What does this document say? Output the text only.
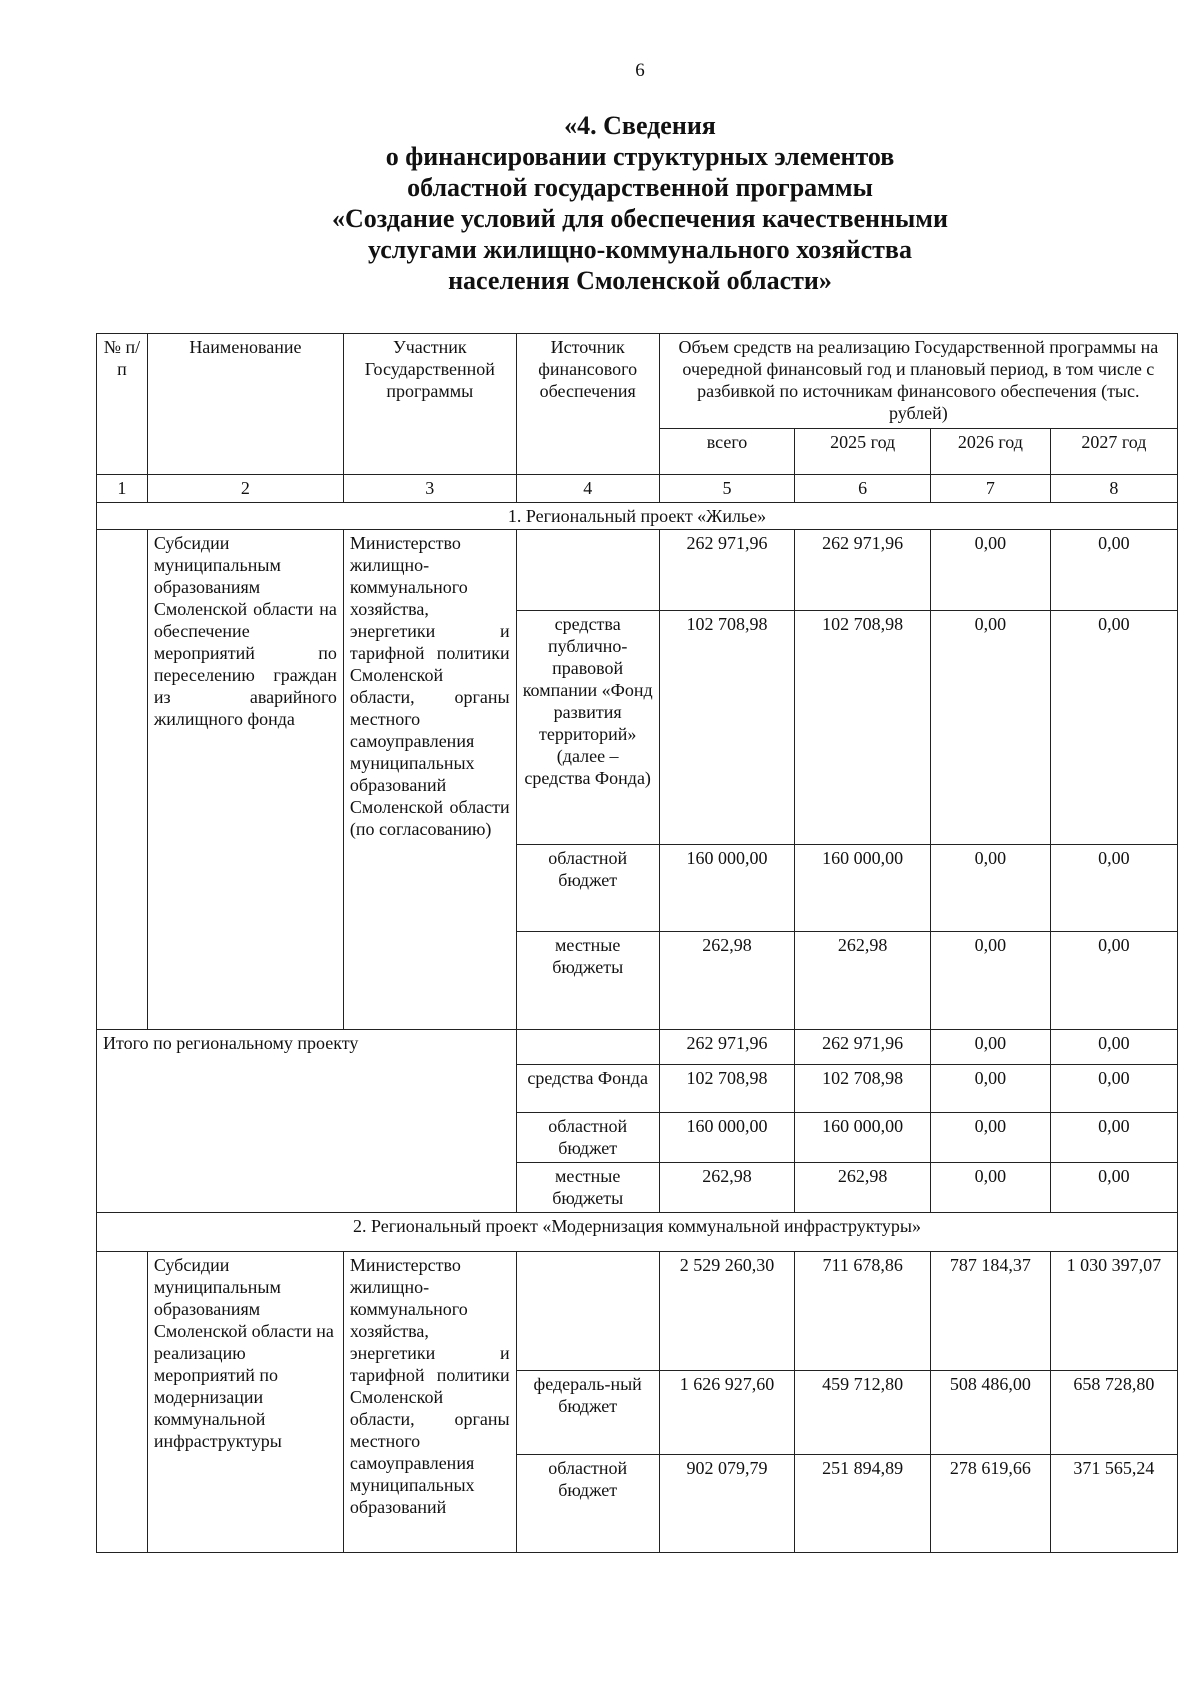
6
«4. Сведения
о финансировании структурных элементов
областной государственной программы
«Создание условий для обеспечения качественными
услугами жилищно-коммунального хозяйства
населения Смоленской области»
№ п/п	Наименование	Участник Государственной программы	Источник финансового обеспечения	Объем средств на реализацию Государственной программы на очередной финансовый год и плановый период, в том числе с разбивкой по источникам финансового обеспечения (тыс. рублей)			
				всего	2025 год	2026 год	2027 год
1	2	3	4	5	6	7	8
1. Региональный проект «Жилье»							
	Субсидии муниципальным образованиям Смоленской области на обеспечение мероприятий по переселению граждан из аварийного жилищного фонда	Министерство жилищно-коммунального хозяйства, энергетики и тарифной политики Смоленской области, органы местного самоуправления муниципальных образований Смоленской области (по согласованию)		262 971,96	262 971,96	0,00	0,00
			средства публично-правовой компании «Фонд развития территорий» (далее – средства Фонда)	102 708,98	102 708,98	0,00	0,00
			областной бюджет	160 000,00	160 000,00	0,00	0,00
			местные бюджеты	262,98	262,98	0,00	0,00
Итого по региональному проекту				262 971,96	262 971,96	0,00	0,00
			средства Фонда	102 708,98	102 708,98	0,00	0,00
			областной бюджет	160 000,00	160 000,00	0,00	0,00
			местные бюджеты	262,98	262,98	0,00	0,00
2. Региональный проект «Модернизация коммунальной инфраструктуры»							
	Субсидии муниципальным образованиям Смоленской области на реализацию мероприятий по модернизации коммунальной инфраструктуры	Министерство жилищно-коммунального хозяйства, энергетики и тарифной политики Смоленской области, органы местного самоуправления муниципальных образований		2 529 260,30	711 678,86	787 184,37	1 030 397,07
			федераль-ный бюджет	1 626 927,60	459 712,80	508 486,00	658 728,80
			областной бюджет	902 079,79	251 894,89	278 619,66	371 565,24
